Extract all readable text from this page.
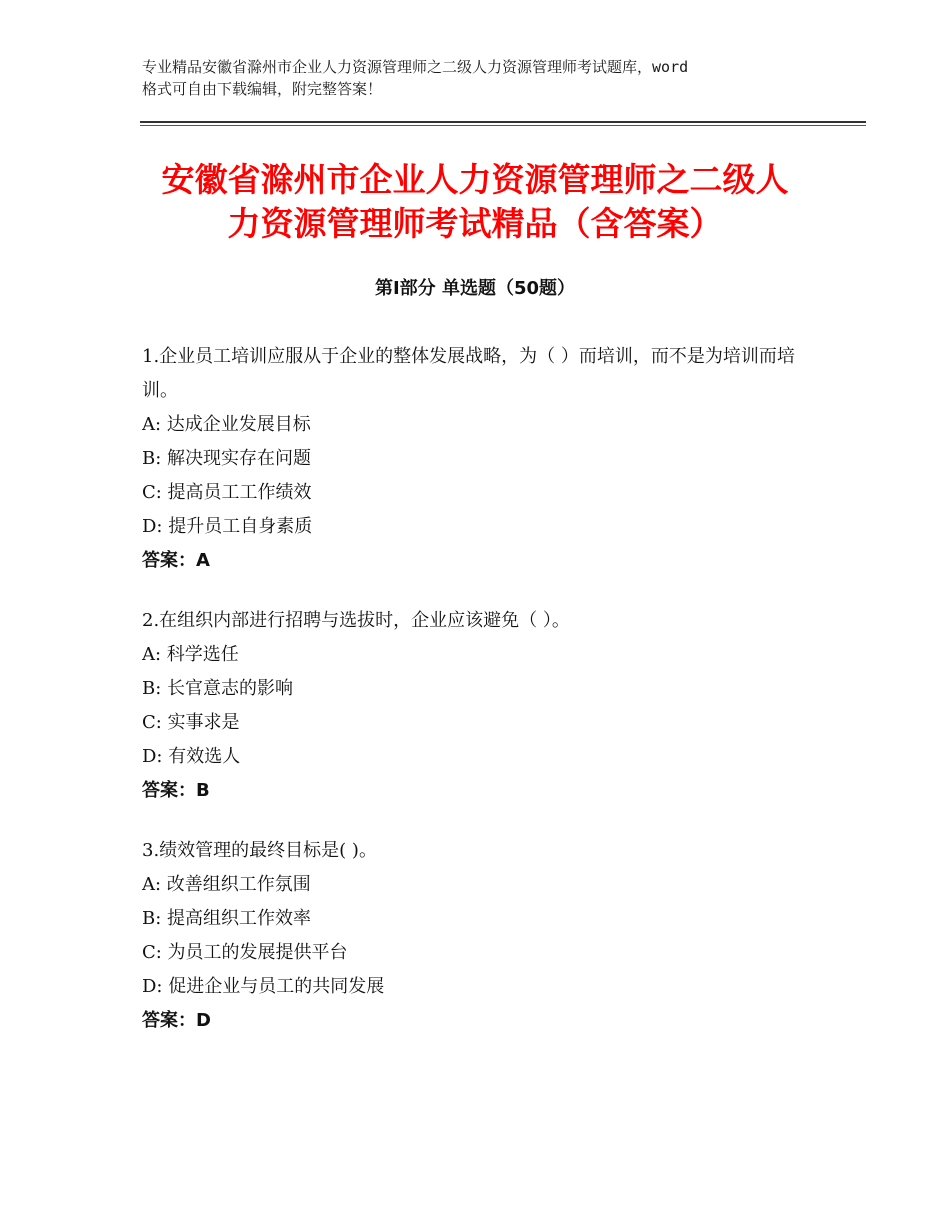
专业精品安徽省滁州市企业人力资源管理师之二级人力资源管理师考试题库，word
格式可自由下载编辑，附完整答案！
安徽省滁州市企业人力资源管理师之二级人
力资源管理师考试精品（含答案）
第Ⅰ部分 单选题（50题）
1.企业员工培训应服从于企业的整体发展战略，为（ ）而培训，而不是为培训而培训。
A: 达成企业发展目标
B: 解决现实存在问题
C: 提高员工工作绩效
D: 提升员工自身素质
答案：A
2.在组织内部进行招聘与选拔时，企业应该避免（ ）。
A: 科学选任
B: 长官意志的影响
C: 实事求是
D: 有效选人
答案：B
3.绩效管理的最终目标是( )。
A: 改善组织工作氛围
B: 提高组织工作效率
C: 为员工的发展提供平台
D: 促进企业与员工的共同发展
答案：D
